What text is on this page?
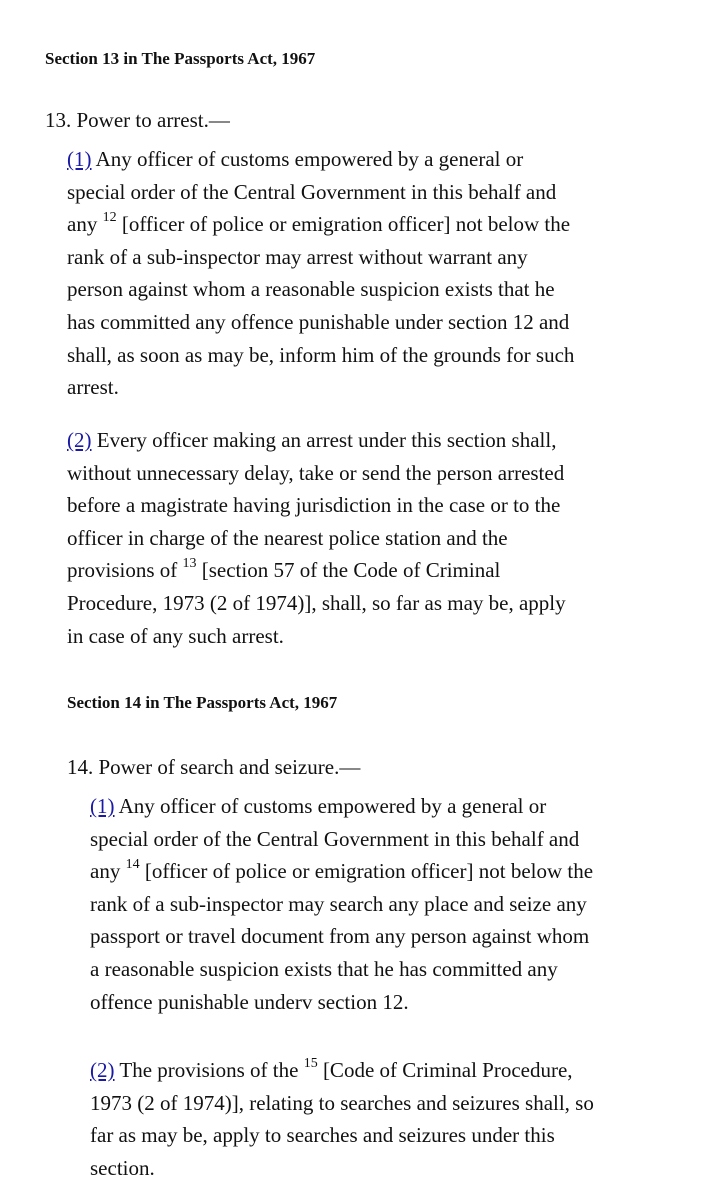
Section 13 in The Passports Act, 1967
13. Power to arrest.—
(1) Any officer of customs empowered by a general or
special order of the Central Government in this behalf and
any $^{12}$ [officer of police or emigration officer] not below the
rank of a sub-inspector may arrest without warrant any
person against whom a reasonable suspicion exists that he
has committed any offence punishable under section 12 and
shall, as soon as may be, inform him of the grounds for such
arrest.
(2) Every officer making an arrest under this section shall,
without unnecessary delay, take or send the person arrested
before a magistrate having jurisdiction in the case or to the
officer in charge of the nearest police station and the
provisions of $^{13}$ [section 57 of the Code of Criminal
Procedure, 1973 (2 of 1974)], shall, so far as may be, apply
in case of any such arrest.
Section 14 in The Passports Act, 1967
14. Power of search and seizure.—
(1) Any officer of customs empowered by a general or
special order of the Central Government in this behalf and
any $^{14}$ [officer of police or emigration officer] not below the
rank of a sub-inspector may search any place and seize any
passport or travel document from any person against whom
a reasonable suspicion exists that he has committed any
offence punishable underv section 12.
(2) The provisions of the $^{15}$ [Code of Criminal Procedure,
1973 (2 of 1974)], relating to searches and seizures shall, so
far as may be, apply to searches and seizures under this
section.
